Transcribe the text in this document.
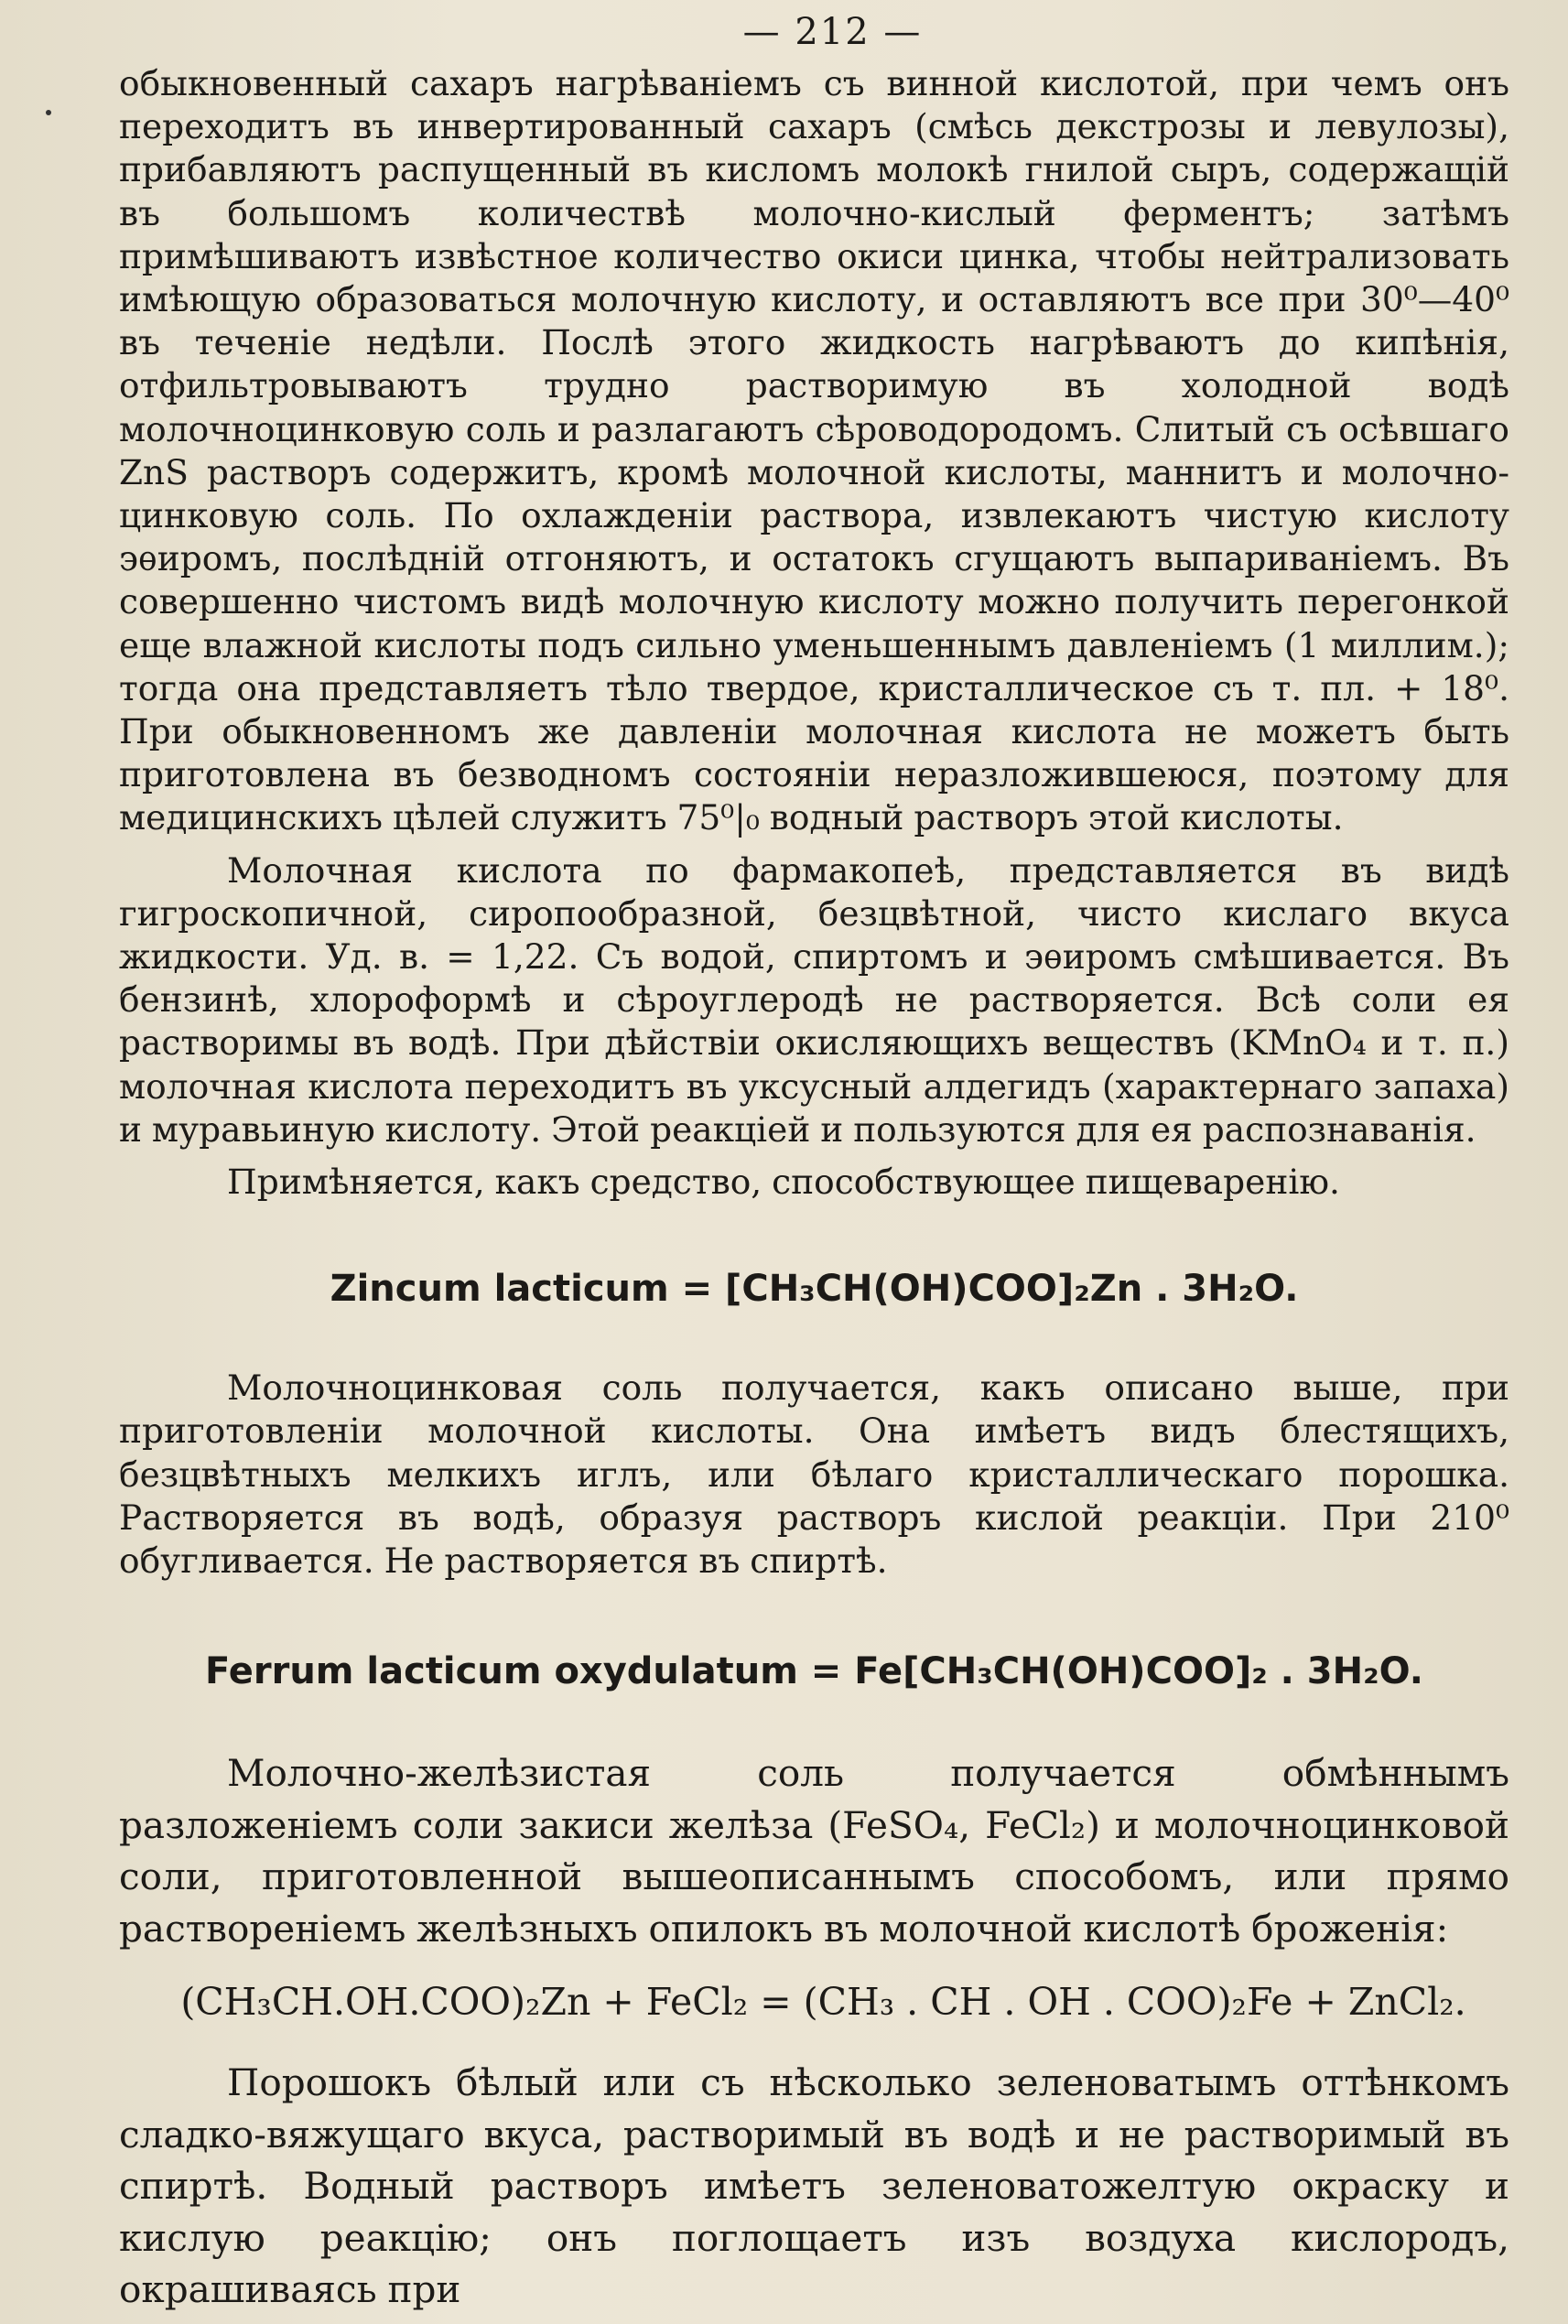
— 212 —

обыкновенный сахаръ нагрѣваніемъ съ винной кислотой, при чемъ онъ переходитъ въ инвертированный сахаръ (смѣсь декстрозы и левулозы), прибавляютъ распущенный въ кисломъ молокѣ гнилой сыръ, содержащій въ большомъ количествѣ молочно-кислый ферментъ; затѣмъ примѣшиваютъ извѣстное количество окиси цинка, чтобы нейтрализовать имѣющую образоваться молочную кислоту, и оставляютъ все при 30⁰—40⁰ въ теченіе недѣли. Послѣ этого жидкость нагрѣваютъ до кипѣнія, отфильтровываютъ трудно растворимую въ холодной водѣ молочноцинковую соль и разлагаютъ сѣроводородомъ. Слитый съ осѣвшаго ZnS растворъ содержитъ, кромѣ молочной кислоты, маннитъ и молочно-цинковую соль. По охлажденіи раствора, извлекаютъ чистую кислоту эѳиромъ, послѣдній отгоняютъ, и остатокъ сгущаютъ выпариваніемъ. Въ совершенно чистомъ видѣ молочную кислоту можно получить перегонкой еще влажной кислоты подъ сильно уменьшеннымъ давленіемъ (1 миллим.); тогда она представляетъ тѣло твердое, кристаллическое съ т. пл. + 18⁰. При обыкновенномъ же давленіи молочная кислота не можетъ быть приготовлена въ безводномъ состояніи неразложившеюся, поэтому для медицинскихъ цѣлей служитъ 75⁰|₀ водный растворъ этой кислоты.

Молочная кислота по фармакопеѣ, представляется въ видѣ гигроскопичной, сиропообразной, безцвѣтной, чисто кислаго вкуса жидкости. Уд. в. = 1,22. Съ водой, спиртомъ и эѳиромъ смѣшивается. Въ бензинѣ, хлороформѣ и сѣроуглеродѣ не растворяется. Всѣ соли ея растворимы въ водѣ. При дѣйствіи окисляющихъ веществъ (KMnO₄ и т. п.) молочная кислота переходитъ въ уксусный алдегидъ (характернаго запаха) и муравьиную кислоту. Этой реакціей и пользуются для ея распознаванія.

Примѣняется, какъ средство, способствующее пищеваренію.

Zincum lacticum = [CH₃CH(OH)COO]₂Zn . 3H₂O.

Молочноцинковая соль получается, какъ описано выше, при приготовленіи молочной кислоты. Она имѣетъ видъ блестящихъ, безцвѣтныхъ мелкихъ иглъ, или бѣлаго кристаллическаго порошка. Растворяется въ водѣ, образуя растворъ кислой реакціи. При 210⁰ обугливается. Не растворяется въ спиртѣ.

Ferrum lacticum oxydulatum = Fe[CH₃CH(OH)COO]₂ . 3H₂O.

Молочно-желѣзистая соль получается обмѣннымъ разложеніемъ соли закиси желѣза (FeSO₄, FeCl₂) и молочноцинковой соли, приготовленной вышеописаннымъ способомъ, или прямо раствореніемъ желѣзныхъ опилокъ въ молочной кислотѣ броженія:

(CH₃CH.OH.COO)₂Zn + FeCl₂ = (CH₃ . CH . OH . COO)₂Fe + ZnCl₂.

Порошокъ бѣлый или съ нѣсколько зеленоватымъ оттѣнкомъ сладко-вяжущаго вкуса, растворимый въ водѣ и не растворимый въ спиртѣ. Водный растворъ имѣетъ зеленоватожелтую окраску и кислую реакцію; онъ поглощаетъ изъ воздуха кислородъ, окрашиваясь при
